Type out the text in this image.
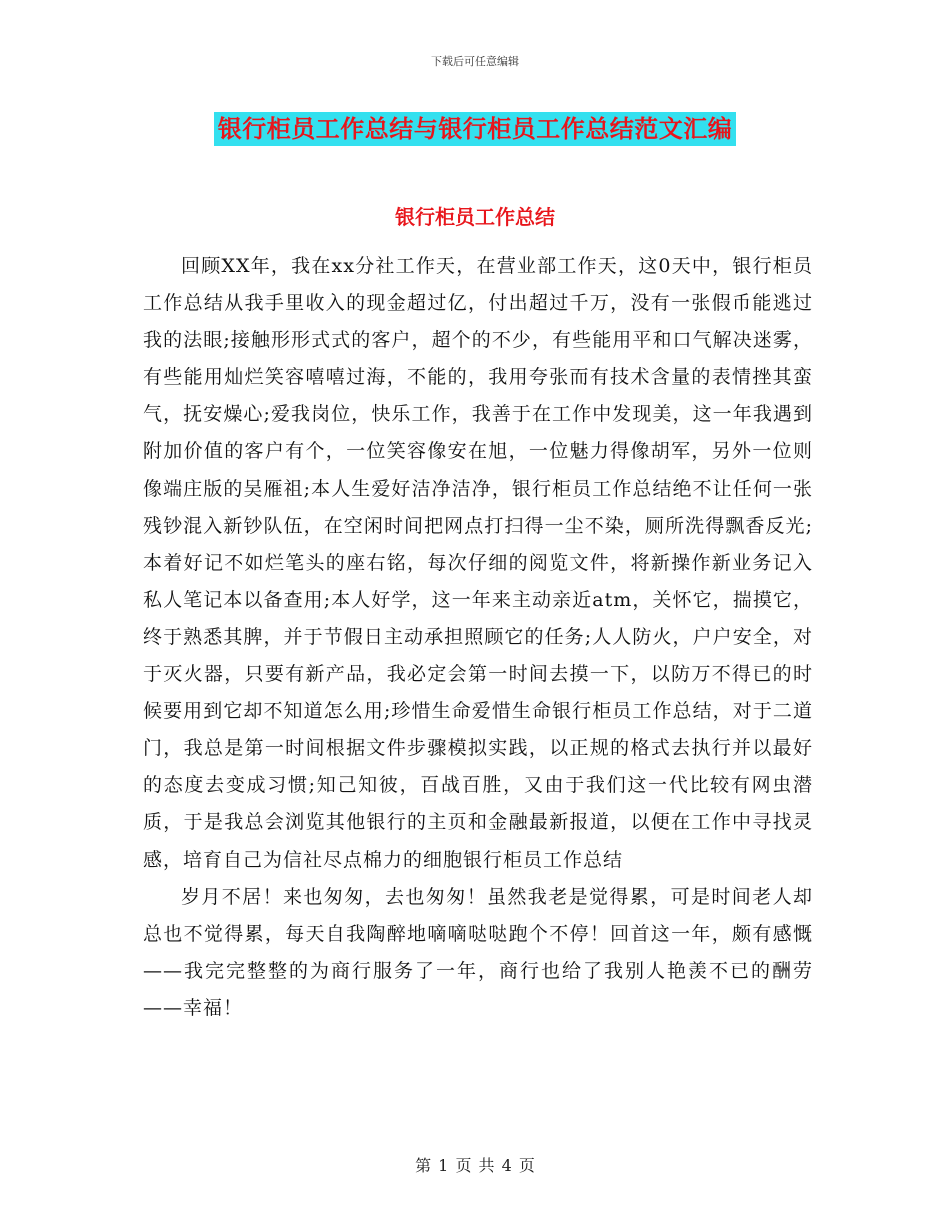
下载后可任意编辑
银行柜员工作总结与银行柜员工作总结范文汇编
银行柜员工作总结

回顾XX年，我在xx分社工作天，在营业部工作天，这0天中，银行柜员工作总结从我手里收入的现金超过亿，付出超过千万，没有一张假币能逃过我的法眼;接触形形式式的客户，超个的不少，有些能用平和口气解决迷雾，有些能用灿烂笑容嘻嘻过海，不能的，我用夸张而有技术含量的表情挫其蛮气，抚安燥心;爱我岗位，快乐工作，我善于在工作中发现美，这一年我遇到附加价值的客户有个，一位笑容像安在旭，一位魅力得像胡军，另外一位则像端庄版的吴雁祖;本人生爱好洁净洁净，银行柜员工作总结绝不让任何一张残钞混入新钞队伍，在空闲时间把网点打扫得一尘不染，厕所洗得飘香反光;本着好记不如烂笔头的座右铭，每次仔细的阅览文件，将新操作新业务记入私人笔记本以备查用;本人好学，这一年来主动亲近atm，关怀它，揣摸它，终于熟悉其脾，并于节假日主动承担照顾它的任务;人人防火，户户安全，对于灭火器，只要有新产品，我必定会第一时间去摸一下，以防万不得已的时候要用到它却不知道怎么用;珍惜生命爱惜生命银行柜员工作总结，对于二道门，我总是第一时间根据文件步骤模拟实践，以正规的格式去执行并以最好的态度去变成习惯;知己知彼，百战百胜，又由于我们这一代比较有网虫潜质，于是我总会浏览其他银行的主页和金融最新报道，以便在工作中寻找灵感，培育自己为信社尽点棉力的细胞银行柜员工作总结

岁月不居！来也匆匆，去也匆匆！虽然我老是觉得累，可是时间老人却总也不觉得累，每天自我陶醉地嘀嘀哒哒跑个不停！回首这一年，颇有感慨——我完完整整的为商行服务了一年，商行也给了我别人艳羡不已的酬劳——幸福！

第 1 页 共 4 页
